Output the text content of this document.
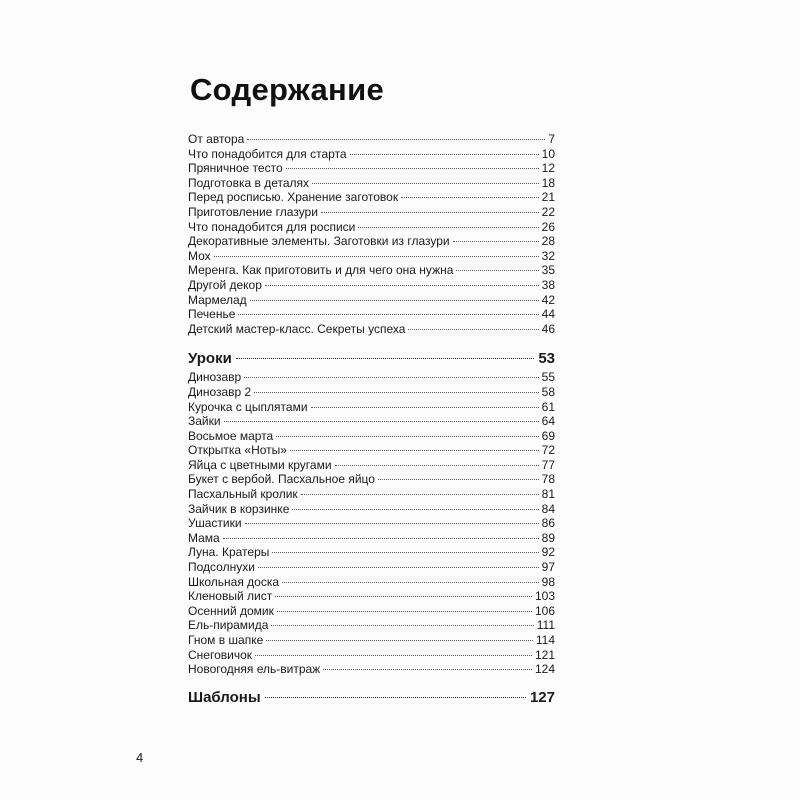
Содержание
От автора	7
Что понадобится для старта	10
Пряничное тесто	12
Подготовка в деталях	18
Перед росписью. Хранение заготовок	21
Приготовление глазури	22
Что понадобится для росписи	26
Декоративные элементы. Заготовки из глазури	28
Мох	32
Меренга. Как приготовить и для чего она нужна	35
Другой декор	38
Мармелад	42
Печенье	44
Детский мастер-класс. Секреты успеха	46
Уроки	53
Динозавр	55
Динозавр 2	58
Курочка с цыплятами	61
Зайки	64
Восьмое марта	69
Открытка «Ноты»	72
Яйца с цветными кругами	77
Букет с вербой. Пасхальное яйцо	78
Пасхальный кролик	81
Зайчик в корзинке	84
Ушастики	86
Мама	89
Луна. Кратеры	92
Подсолнухи	97
Школьная доска	98
Кленовый лист	103
Осенний домик	106
Ель-пирамида	111
Гном в шапке	114
Снеговичок	121
Новогодняя ель-витраж	124
Шаблоны	127
4
